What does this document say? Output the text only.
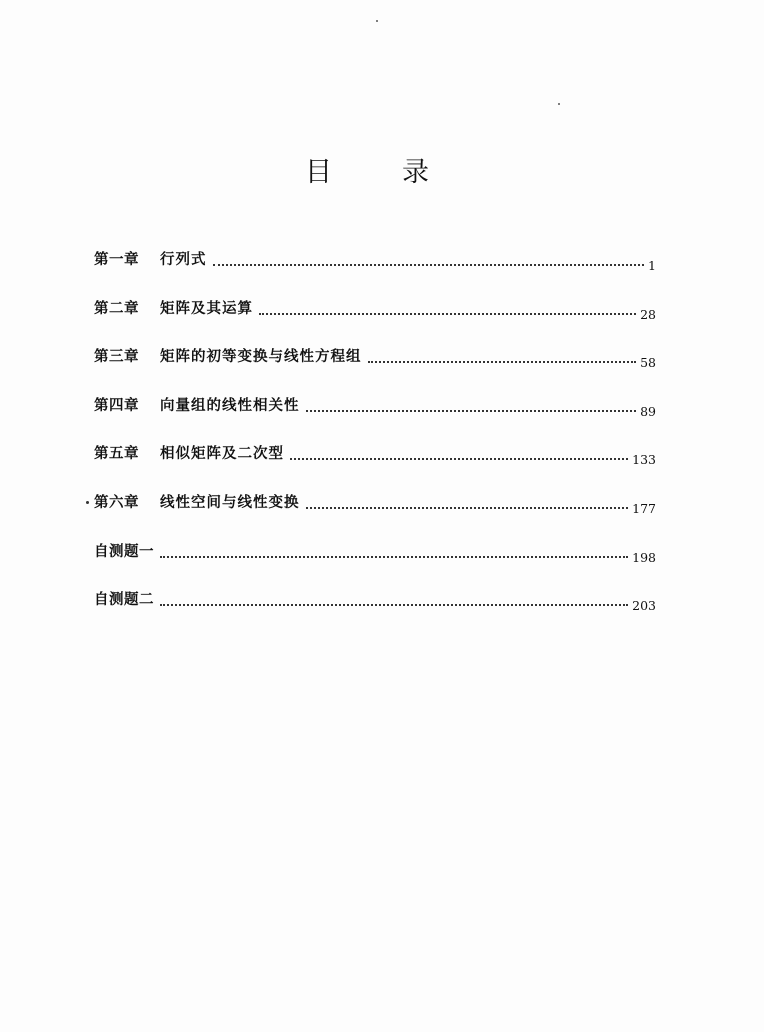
目	录
第一章	行列式	1
第二章	矩阵及其运算	28
第三章	矩阵的初等变换与线性方程组	58
第四章	向量组的线性相关性	89
第五章	相似矩阵及二次型	133
第六章	线性空间与线性变换	177
自测题一	198
自测题二	203
